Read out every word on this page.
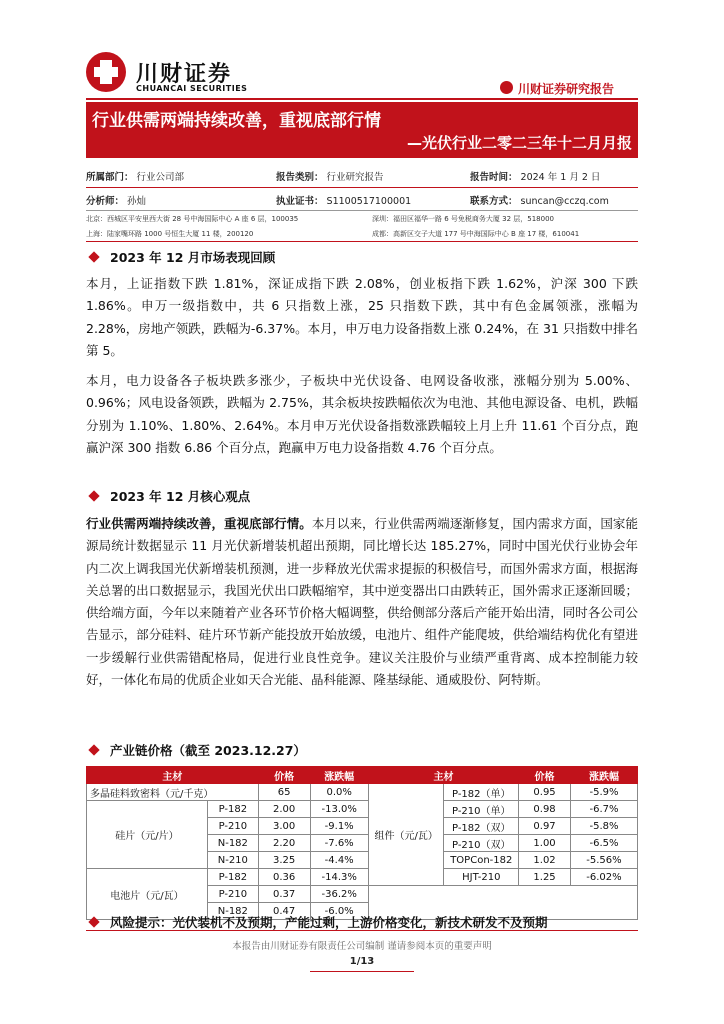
川财证券
CHUANCAI SECURITIES	川财证券研究报告
行业供需两端持续改善，重视底部行情
—光伏行业二零二三年十二月月报
所属部门： 行业公司部	报告类别： 行业研究报告	报告时间： 2024 年 1 月 2 日
分析师： 孙灿	执业证书： S1100517100001	联系方式： suncan@cczq.com
北京：西城区平安里西大街 28 号中海国际中心 A 座 6 层，100035	深圳：福田区福华一路 6 号免税商务大厦 32 层，518000
上海：陆家嘴环路 1000 号恒生大厦 11 楼，200120	成都：高新区交子大道 177 号中海国际中心 B 座 17 楼，610041
2023 年 12 月市场表现回顾
本月，上证指数下跌 1.81%，深证成指下跌 2.08%，创业板指下跌 1.62%，沪深 300 下跌 1.86%。申万一级指数中，共 6 只指数上涨，25 只指数下跌，其中有色金属领涨，涨幅为 2.28%，房地产领跌，跌幅为-6.37%。本月，申万电力设备指数上涨 0.24%，在 31 只指数中排名第 5。
本月，电力设备各子板块跌多涨少，子板块中光伏设备、电网设备收涨，涨幅分别为 5.00%、0.96%；风电设备领跌，跌幅为 2.75%，其余板块按跌幅依次为电池、其他电源设备、电机，跌幅分别为 1.10%、1.80%、2.64%。本月申万光伏设备指数涨跌幅较上月上升 11.61 个百分点，跑赢沪深 300 指数 6.86 个百分点，跑赢申万电力设备指数 4.76 个百分点。
2023 年 12 月核心观点
行业供需两端持续改善，重视底部行情。本月以来，行业供需两端逐渐修复，国内需求方面，国家能源局统计数据显示 11 月光伏新增装机超出预期，同比增长达 185.27%，同时中国光伏行业协会年内二次上调我国光伏新增装机预测，进一步释放光伏需求提振的积极信号，而国外需求方面，根据海关总署的出口数据显示，我国光伏出口跌幅缩窄，其中逆变器出口由跌转正，国外需求正逐渐回暖；供给端方面，今年以来随着产业各环节价格大幅调整，供给侧部分落后产能开始出清，同时各公司公告显示，部分硅料、硅片环节新产能投放开始放缓，电池片、组件产能爬坡，供给端结构优化有望进一步缓解行业供需错配格局，促进行业良性竞争。建议关注股价与业绩严重背离、成本控制能力较好，一体化布局的优质企业如天合光能、晶科能源、隆基绿能、通威股份、阿特斯。
产业链价格（截至 2023.12.27）
主材		价格	涨跌幅	主材		价格	涨跌幅
多晶硅料致密料（元/千克）		65	0.0%	组件（元/瓦）	P-182（单）	0.95	-5.9%
硅片（元/片）	P-182	2.00	-13.0%		P-210（单）	0.98	-6.7%
	P-210	3.00	-9.1%		P-182（双）	0.97	-5.8%
	N-182	2.20	-7.6%		P-210（双）	1.00	-6.5%
	N-210	3.25	-4.4%		TOPCon-182	1.02	-5.56%
电池片（元/瓦）	P-182	0.36	-14.3%		HJT-210	1.25	-6.02%
	P-210	0.37	-36.2%				
	N-182	0.47	-6.0%				
风险提示：光伏装机不及预期，产能过剩，上游价格变化，新技术研发不及预期
本报告由川财证券有限责任公司编制 谨请参阅本页的重要声明
1/13
